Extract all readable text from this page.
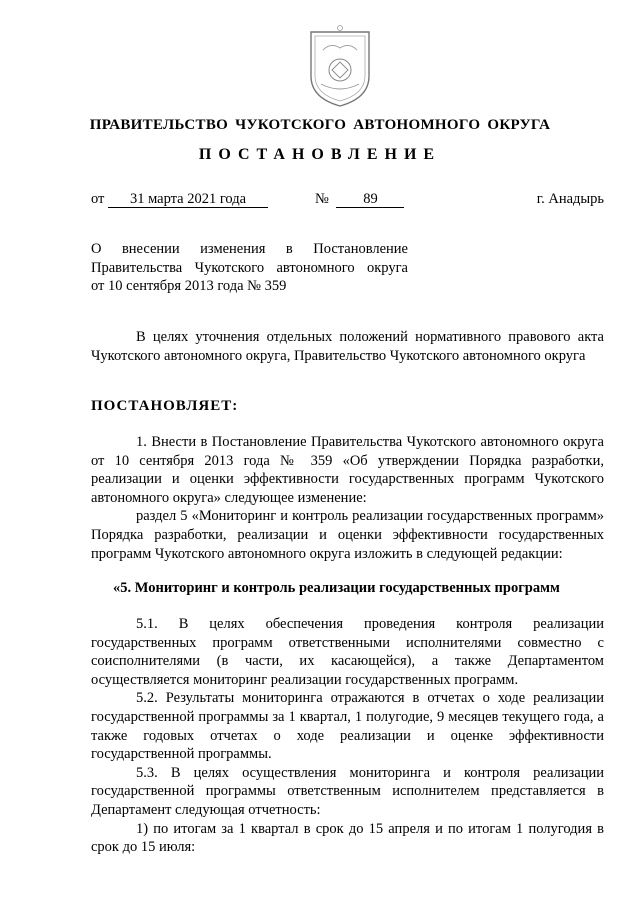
ПРАВИТЕЛЬСТВО ЧУКОТСКОГО АВТОНОМНОГО ОКРУГА
ПОСТАНОВЛЕНИЕ
от 31 марта 2021 года	№ 89	г. Анадырь
О внесении изменения в Постановление
Правительства Чукотского автономного округа
от 10 сентября 2013 года № 359

В целях уточнения отдельных положений нормативного правового акта Чукотского автономного округа, Правительство Чукотского автономного округа

ПОСТАНОВЛЯЕТ:

1. Внести в Постановление Правительства Чукотского автономного округа от 10 сентября 2013 года № 359 «Об утверждении Порядка разработки, реализации и оценки эффективности государственных программ Чукотского автономного округа» следующее изменение:

раздел 5 «Мониторинг и контроль реализации государственных программ» Порядка разработки, реализации и оценки эффективности государственных программ Чукотского автономного округа изложить в следующей редакции:

«5. Мониторинг и контроль реализации государственных программ

5.1. В целях обеспечения проведения контроля реализации государственных программ ответственными исполнителями совместно с соисполнителями (в части, их касающейся), а также Департаментом осуществляется мониторинг реализации государственных программ.

5.2. Результаты мониторинга отражаются в отчетах о ходе реализации государственной программы за 1 квартал, 1 полугодие, 9 месяцев текущего года, а также годовых отчетах о ходе реализации и оценке эффективности государственной программы.

5.3. В целях осуществления мониторинга и контроля реализации государственной программы ответственным исполнителем представляется в Департамент следующая отчетность:

1) по итогам за 1 квартал в срок до 15 апреля и по итогам 1 полугодия в срок до 15 июля:
